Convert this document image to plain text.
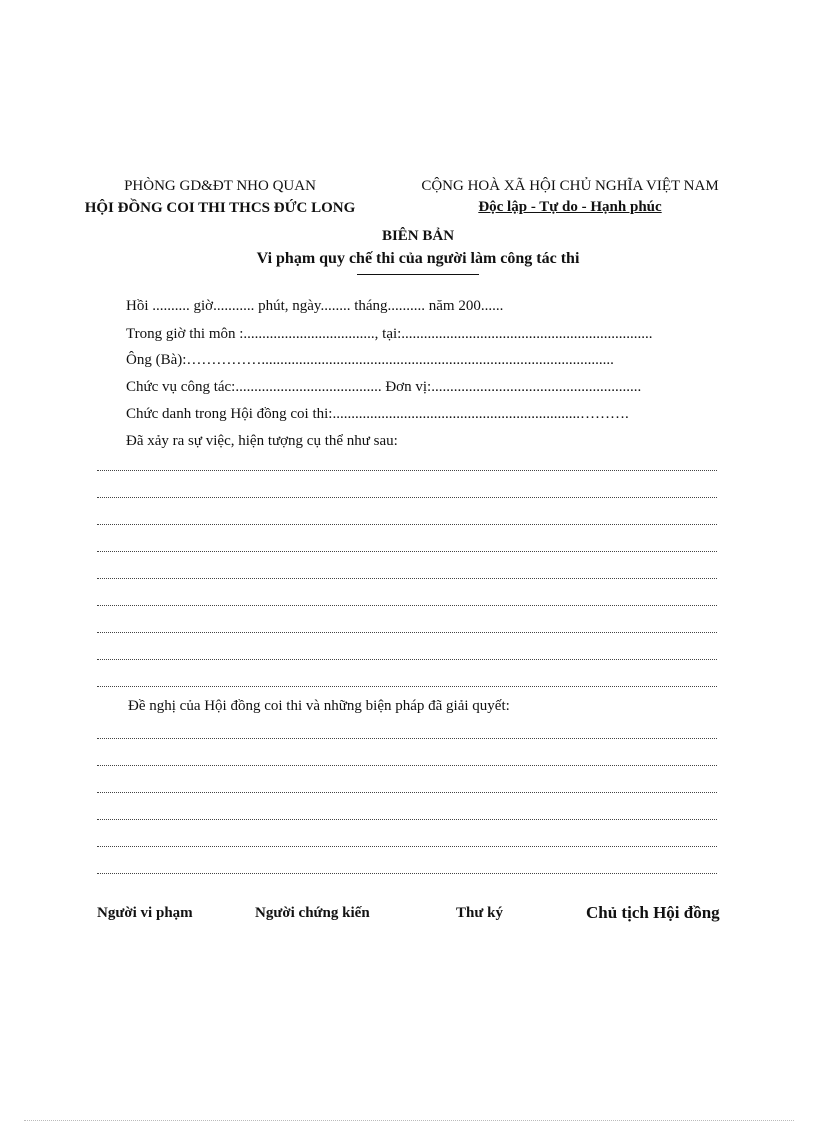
PHÒNG GD&ĐT NHO QUAN
HỘI ĐỒNG COI THI THCS ĐỨC LONG
CỘNG HOÀ XÃ HỘI CHỦ NGHĨA VIỆT NAM
Độc lập - Tự do - Hạnh phúc
BIÊN BẢN
Vi phạm quy chế thi của người làm công tác thi
Hồi .......... giờ........... phút, ngày........ tháng.......... năm 200......
Trong giờ thi môn :..................................., tại:...................................................................
Ông (Bà):……………..............................................................................................
Chức vụ công tác:....................................... Đơn vị:........................................................
Chức danh trong Hội đồng coi thi:..................................................................……….
Đã xảy ra sự việc, hiện tượng cụ thể như sau:
Đề nghị của Hội đồng coi thi và những biện pháp đã giải quyết:
Người vi phạm	Người chứng kiến	Thư ký	Chủ tịch Hội đồng
